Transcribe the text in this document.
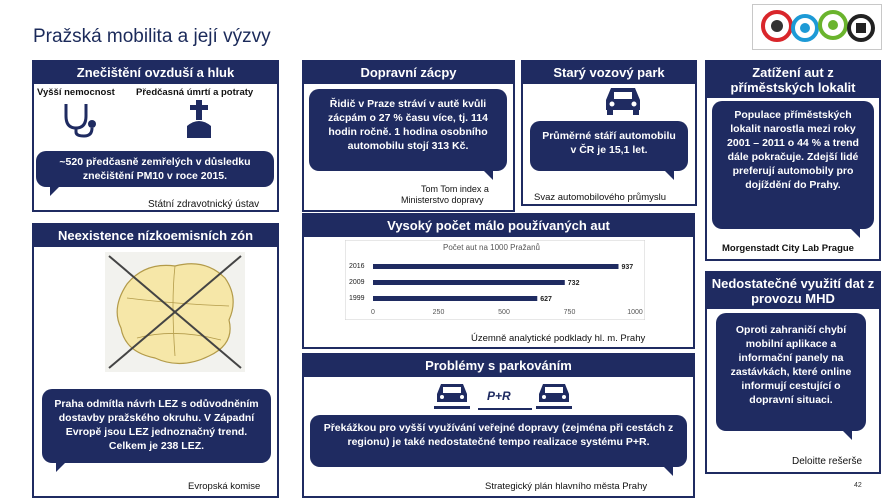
Pražská mobilita a její výzvy
Znečištění ovzduší a hluk
Vyšší nemocnost Předčasná úmrtí a potraty
~520 předčasně zemřelých v důsledku znečištění PM10 v roce 2015.
Státní zdravotnický ústav
Dopravní zácpy
Řidič v Praze stráví v autě kvůli zácpám o 27 % času více, tj. 114 hodin ročně. 1 hodina osobního automobilu stojí 313 Kč.
Tom Tom index a
Ministerstvo dopravy
Starý vozový park
Průměrné stáří automobilu v ČR je 15,1 let.
Svaz automobilového průmyslu
Zatížení aut z příměstských lokalit
Populace příměstských lokalit narostla mezi roky 2001 – 2011 o 44 % a trend dále pokračuje. Zdejší lidé preferují automobily pro dojíždění do Prahy.
Morgenstadt City Lab Prague
Neexistence nízkoemisních zón
Praha odmítla návrh LEZ s odůvodněním dostavby pražského okruhu. V Západní Evropě jsou LEZ jednoznačný trend. Celkem je 238 LEZ.
Evropská komise
Vysoký počet málo používaných aut
Počet aut na 1000 Pražanů
2016	937
2009	732
1999	627
0	250	500	750	1000
Územně analytické podklady hl. m. Prahy
Problémy s parkováním
P+R
Překážkou pro vyšší využívání veřejné dopravy (zejména při cestách z regionu) je také nedostatečné tempo realizace systému P+R.
Strategický plán hlavního města Prahy
Nedostatečné využití dat z provozu MHD
Oproti zahraničí chybí mobilní aplikace a informační panely na zastávkách, které online informují cestující o dopravní situaci.
Deloitte rešerše
42
